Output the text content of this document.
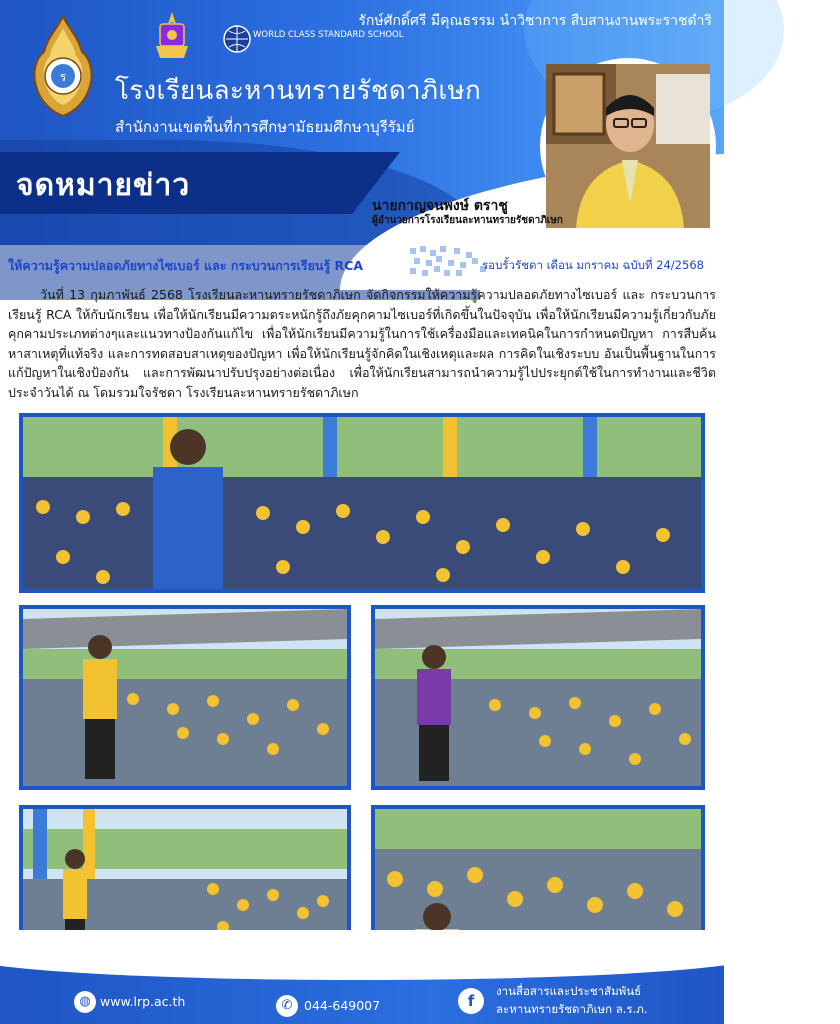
ร
WORLD CLASS STANDARD SCHOOL
รักษ์ศักดิ์ศรี มีคุณธรรม นำวิชาการ สืบสานงานพระราชดำริ
โรงเรียนละหานทรายรัชดาภิเษก
สำนักงานเขตพื้นที่การศึกษามัธยมศึกษาบุรีรัมย์
จดหมายข่าว
นายกาญจนพงษ์ ตราชู
ผู้อำนวยการโรงเรียนละหานทรายรัชดาภิเษก
ให้ความรู้ความปลอดภัยทางไซเบอร์ และ กระบวนการเรียนรู้ RCA	รอบรั้วรัชดา เดือน มกราคม ฉบับที่ 24/2568

วันที่ 13 กุมภาพันธ์ 2568 โรงเรียนละหานทรายรัชดาภิเษก จัดกิจกรรมให้ความรู้ความปลอดภัยทางไซเบอร์ และ กระบวนการเรียนรู้ RCA ให้กับนักเรียน เพื่อให้นักเรียนมีความตระหนักรู้ถึงภัยคุกคามไซเบอร์ที่เกิดขึ้นในปัจจุบัน เพื่อให้นักเรียนมีความรู้เกี่ยวกับภัยคุกคามประเภทต่างๆและแนวทางป้องกันแก้ไข เพื่อให้นักเรียนมีความรู้ในการใช้เครื่องมือและเทคนิคในการกำหนดปัญหา การสืบค้นหาสาเหตุที่แท้จริง และการทดสอบสาเหตุของปัญหา เพื่อให้นักเรียนรู้จักคิดในเชิงเหตุและผล การคิดในเชิงระบบ อันเป็นพื้นฐานในการแก้ปัญหาในเชิงป้องกัน และการพัฒนาปรับปรุงอย่างต่อเนื่อง เพื่อให้นักเรียนสามารถนำความรู้ไปประยุกต์ใช้ในการทำงานและชีวิตประจำวันได้ ณ โดมรวมใจรัชดา โรงเรียนละหานทรายรัชดาภิเษก

◍ www.lrp.ac.th	✆ 044-649007	f
งานสื่อสารและประชาสัมพันธ์
ละหานทรายรัชดาภิเษก ล.ร.ภ.
